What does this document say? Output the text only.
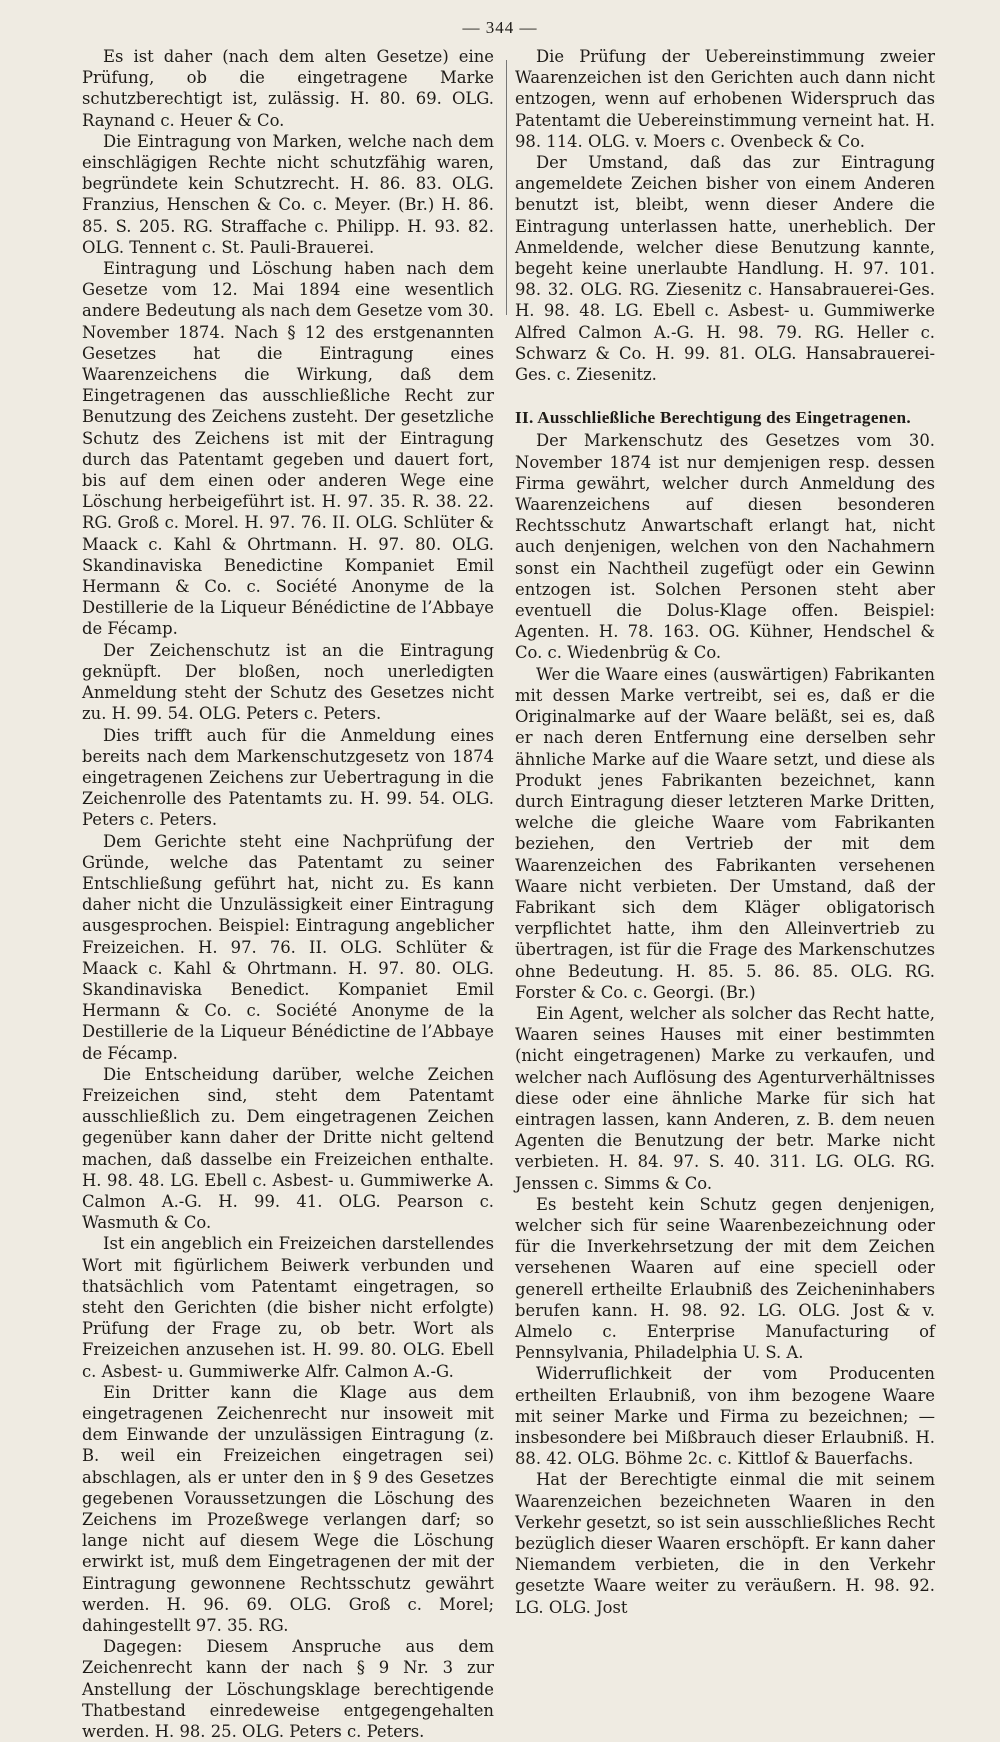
— 344 —

Es ist daher (nach dem alten Gesetze) eine Prüfung, ob die eingetragene Marke schutzberechtigt ist, zulässig. H. 80. 69. OLG. Raynand c. Heuer & Co.

Die Eintragung von Marken, welche nach dem einschlägigen Rechte nicht schutzfähig waren, begründete kein Schutzrecht. H. 86. 83. OLG. Franzius, Henschen & Co. c. Meyer. (Br.) H. 86. 85. S. 205. RG. Straffache c. Philipp. H. 93. 82. OLG. Tennent c. St. Pauli-Brauerei.

Eintragung und Löschung haben nach dem Gesetze vom 12. Mai 1894 eine wesentlich andere Bedeutung als nach dem Gesetze vom 30. November 1874. Nach § 12 des erstgenannten Gesetzes hat die Eintragung eines Waarenzeichens die Wirkung, daß dem Eingetragenen das ausschließliche Recht zur Benutzung des Zeichens zusteht. Der gesetzliche Schutz des Zeichens ist mit der Eintragung durch das Patentamt gegeben und dauert fort, bis auf dem einen oder anderen Wege eine Löschung herbeigeführt ist. H. 97. 35. R. 38. 22. RG. Groß c. Morel. H. 97. 76. II. OLG. Schlüter & Maack c. Kahl & Ohrtmann. H. 97. 80. OLG. Skandinaviska Benedictine Kompaniet Emil Hermann & Co. c. Société Anonyme de la Destillerie de la Liqueur Bénédictine de l’Abbaye de Fécamp.

Der Zeichenschutz ist an die Eintragung geknüpft. Der bloßen, noch unerledigten Anmeldung steht der Schutz des Gesetzes nicht zu. H. 99. 54. OLG. Peters c. Peters.

Dies trifft auch für die Anmeldung eines bereits nach dem Markenschutzgesetz von 1874 eingetragenen Zeichens zur Uebertragung in die Zeichenrolle des Patentamts zu. H. 99. 54. OLG. Peters c. Peters.

Dem Gerichte steht eine Nachprüfung der Gründe, welche das Patentamt zu seiner Entschließung geführt hat, nicht zu. Es kann daher nicht die Unzulässigkeit einer Eintragung ausgesprochen. Beispiel: Eintragung angeblicher Freizeichen. H. 97. 76. II. OLG. Schlüter & Maack c. Kahl & Ohrtmann. H. 97. 80. OLG. Skandinaviska Benedict. Kompaniet Emil Hermann & Co. c. Société Anonyme de la Destillerie de la Liqueur Bénédictine de l’Abbaye de Fécamp.

Die Entscheidung darüber, welche Zeichen Freizeichen sind, steht dem Patentamt ausschließlich zu. Dem eingetragenen Zeichen gegenüber kann daher der Dritte nicht geltend machen, daß dasselbe ein Freizeichen enthalte. H. 98. 48. LG. Ebell c. Asbest- u. Gummiwerke A. Calmon A.-G. H. 99. 41. OLG. Pearson c. Wasmuth & Co.

Ist ein angeblich ein Freizeichen darstellendes Wort mit figürlichem Beiwerk verbunden und thatsächlich vom Patentamt eingetragen, so steht den Gerichten (die bisher nicht erfolgte) Prüfung der Frage zu, ob betr. Wort als Freizeichen anzusehen ist. H. 99. 80. OLG. Ebell c. Asbest- u. Gummiwerke Alfr. Calmon A.-G.

Ein Dritter kann die Klage aus dem eingetragenen Zeichenrecht nur insoweit mit dem Einwande der unzulässigen Eintragung (z. B. weil ein Freizeichen eingetragen sei) abschlagen, als er unter den in § 9 des Gesetzes gegebenen Voraussetzungen die Löschung des Zeichens im Prozeßwege verlangen darf; so lange nicht auf diesem Wege die Löschung erwirkt ist, muß dem Eingetragenen der mit der Eintragung gewonnene Rechtsschutz gewährt werden. H. 96. 69. OLG. Groß c. Morel; dahingestellt 97. 35. RG.

Dagegen: Diesem Anspruche aus dem Zeichenrecht kann der nach § 9 Nr. 3 zur Anstellung der Löschungsklage berechtigende Thatbestand einredeweise entgegengehalten werden. H. 98. 25. OLG. Peters c. Peters.

Die Prüfung der Uebereinstimmung zweier Waarenzeichen ist den Gerichten auch dann nicht entzogen, wenn auf erhobenen Widerspruch das Patentamt die Uebereinstimmung verneint hat. H. 98. 114. OLG. v. Moers c. Ovenbeck & Co.

Der Umstand, daß das zur Eintragung angemeldete Zeichen bisher von einem Anderen benutzt ist, bleibt, wenn dieser Andere die Eintragung unterlassen hatte, unerheblich. Der Anmeldende, welcher diese Benutzung kannte, begeht keine unerlaubte Handlung. H. 97. 101. 98. 32. OLG. RG. Ziesenitz c. Hansabrauerei-Ges. H. 98. 48. LG. Ebell c. Asbest- u. Gummiwerke Alfred Calmon A.-G. H. 98. 79. RG. Heller c. Schwarz & Co. H. 99. 81. OLG. Hansabrauerei-Ges. c. Ziesenitz.

II. Ausschließliche Berechtigung des Eingetragenen.

Der Markenschutz des Gesetzes vom 30. November 1874 ist nur demjenigen resp. dessen Firma gewährt, welcher durch Anmeldung des Waarenzeichens auf diesen besonderen Rechtsschutz Anwartschaft erlangt hat, nicht auch denjenigen, welchen von den Nachahmern sonst ein Nachtheil zugefügt oder ein Gewinn entzogen ist. Solchen Personen steht aber eventuell die Dolus-Klage offen. Beispiel: Agenten. H. 78. 163. OG. Kühner, Hendschel & Co. c. Wiedenbrüg & Co.

Wer die Waare eines (auswärtigen) Fabrikanten mit dessen Marke vertreibt, sei es, daß er die Originalmarke auf der Waare beläßt, sei es, daß er nach deren Entfernung eine derselben sehr ähnliche Marke auf die Waare setzt, und diese als Produkt jenes Fabrikanten bezeichnet, kann durch Eintragung dieser letzteren Marke Dritten, welche die gleiche Waare vom Fabrikanten beziehen, den Vertrieb der mit dem Waarenzeichen des Fabrikanten versehenen Waare nicht verbieten. Der Umstand, daß der Fabrikant sich dem Kläger obligatorisch verpflichtet hatte, ihm den Alleinvertrieb zu übertragen, ist für die Frage des Markenschutzes ohne Bedeutung. H. 85. 5. 86. 85. OLG. RG. Forster & Co. c. Georgi. (Br.)

Ein Agent, welcher als solcher das Recht hatte, Waaren seines Hauses mit einer bestimmten (nicht eingetragenen) Marke zu verkaufen, und welcher nach Auflösung des Agenturverhältnisses diese oder eine ähnliche Marke für sich hat eintragen lassen, kann Anderen, z. B. dem neuen Agenten die Benutzung der betr. Marke nicht verbieten. H. 84. 97. S. 40. 311. LG. OLG. RG. Jenssen c. Simms & Co.

Es besteht kein Schutz gegen denjenigen, welcher sich für seine Waarenbezeichnung oder für die Inverkehrsetzung der mit dem Zeichen versehenen Waaren auf eine speciell oder generell ertheilte Erlaubniß des Zeicheninhabers berufen kann. H. 98. 92. LG. OLG. Jost & v. Almelo c. Enterprise Manufacturing of Pennsylvania, Philadelphia U. S. A.

Widerruflichkeit der vom Producenten ertheilten Erlaubniß, von ihm bezogene Waare mit seiner Marke und Firma zu bezeichnen; — insbesondere bei Mißbrauch dieser Erlaubniß. H. 88. 42. OLG. Böhme 2c. c. Kittlof & Bauerfachs.

Hat der Berechtigte einmal die mit seinem Waarenzeichen bezeichneten Waaren in den Verkehr gesetzt, so ist sein ausschließliches Recht bezüglich dieser Waaren erschöpft. Er kann daher Niemandem verbieten, die in den Verkehr gesetzte Waare weiter zu veräußern. H. 98. 92. LG. OLG. Jost
